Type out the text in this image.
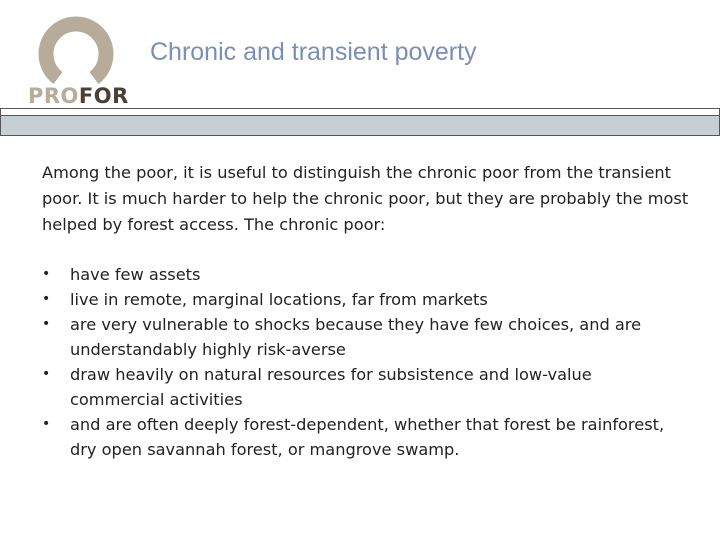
PROFOR
Chronic and transient poverty

Among the poor, it is useful to distinguish the chronic poor from the transient poor. It is much harder to help the chronic poor, but they are probably the most helped by forest access. The chronic poor:

•	have few assets
•	live in remote, marginal locations, far from markets
•	are very vulnerable to shocks because they have few choices, and are understandably highly risk-averse
•	draw heavily on natural resources for subsistence and low-value commercial activities
•	and are often deeply forest-dependent, whether that forest be rainforest, dry open savannah forest, or mangrove swamp.
